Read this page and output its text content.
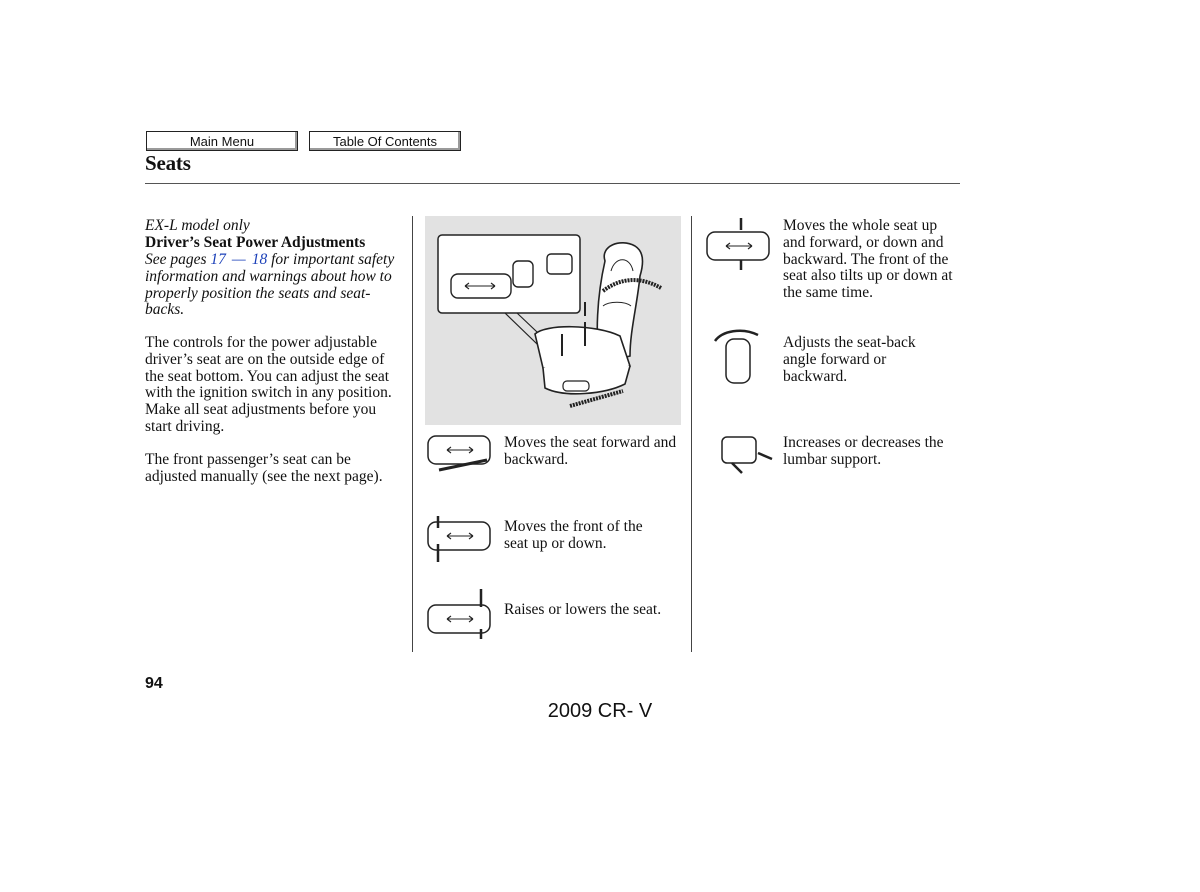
Main Menu	Table Of Contents
Seats
EX-L model only
Driver’s Seat Power Adjustments
See pages 17 — 18 for important safety information and warnings about how to properly position the seats and seat-backs.

The controls for the power adjustable driver’s seat are on the outside edge of the seat bottom. You can adjust the seat with the ignition switch in any position. Make all seat adjustments before you start driving.

The front passenger’s seat can be adjusted manually (see the next page).

Moves the seat forward and backward.
Moves the front of the seat up or down.
Raises or lowers the seat.
Moves the whole seat up and forward, or down and backward. The front of the seat also tilts up or down at the same time.
Adjusts the seat-back angle forward or backward.
Increases or decreases the lumbar support.
94
2009 CR- V
